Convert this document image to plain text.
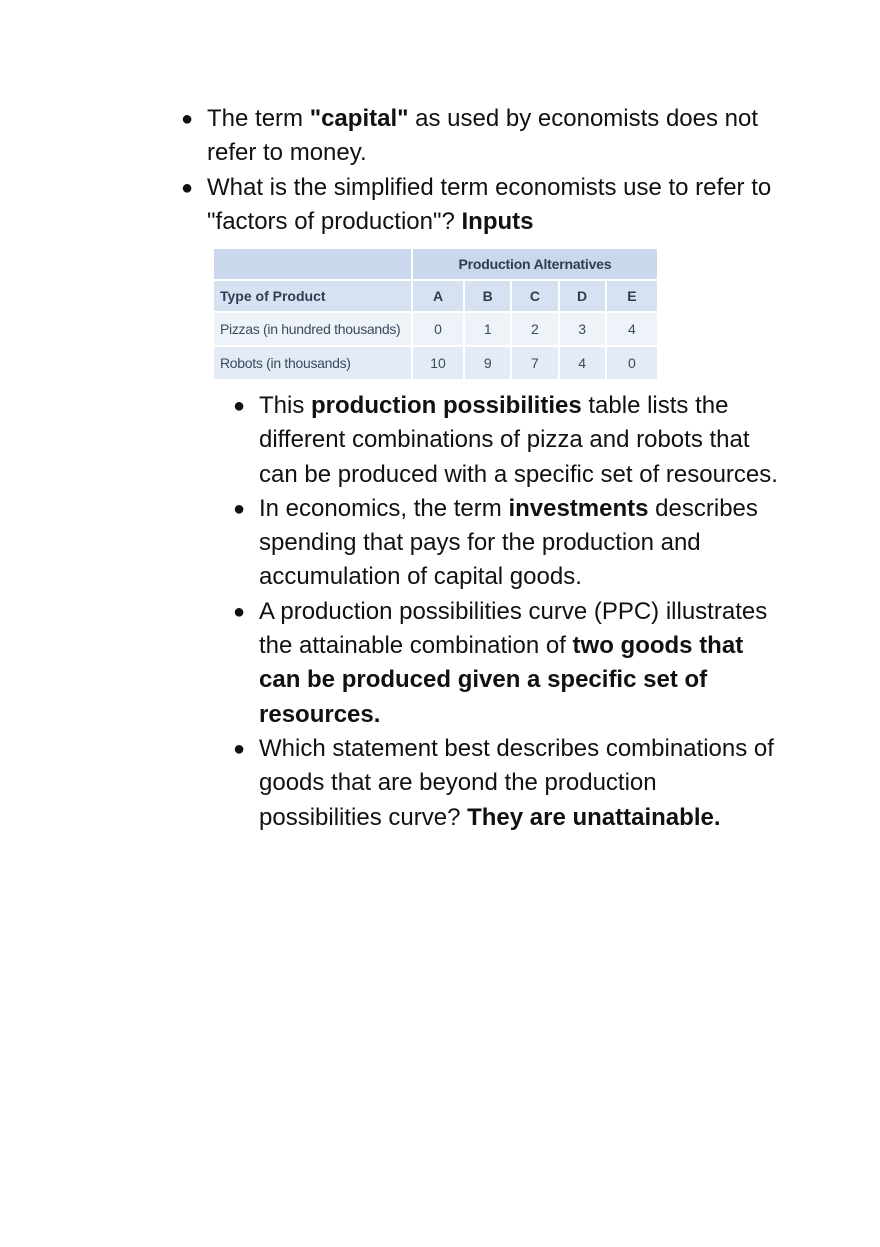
● The term "capital" as used by economists does not refer to money.
● What is the simplified term economists use to refer to "factors of production"? Inputs
	Production Alternatives				
Type of Product	A	B	C	D	E
Pizzas (in hundred thousands)	0	1	2	3	4
Robots (in thousands)	10	9	7	4	0
● This production possibilities table lists the different combinations of pizza and robots that can be produced with a specific set of resources.
● In economics, the term investments describes spending that pays for the production and accumulation of capital goods.
● A production possibilities curve (PPC) illustrates the attainable combination of two goods that can be produced given a specific set of resources.
● Which statement best describes combinations of goods that are beyond the production possibilities curve? They are unattainable.
